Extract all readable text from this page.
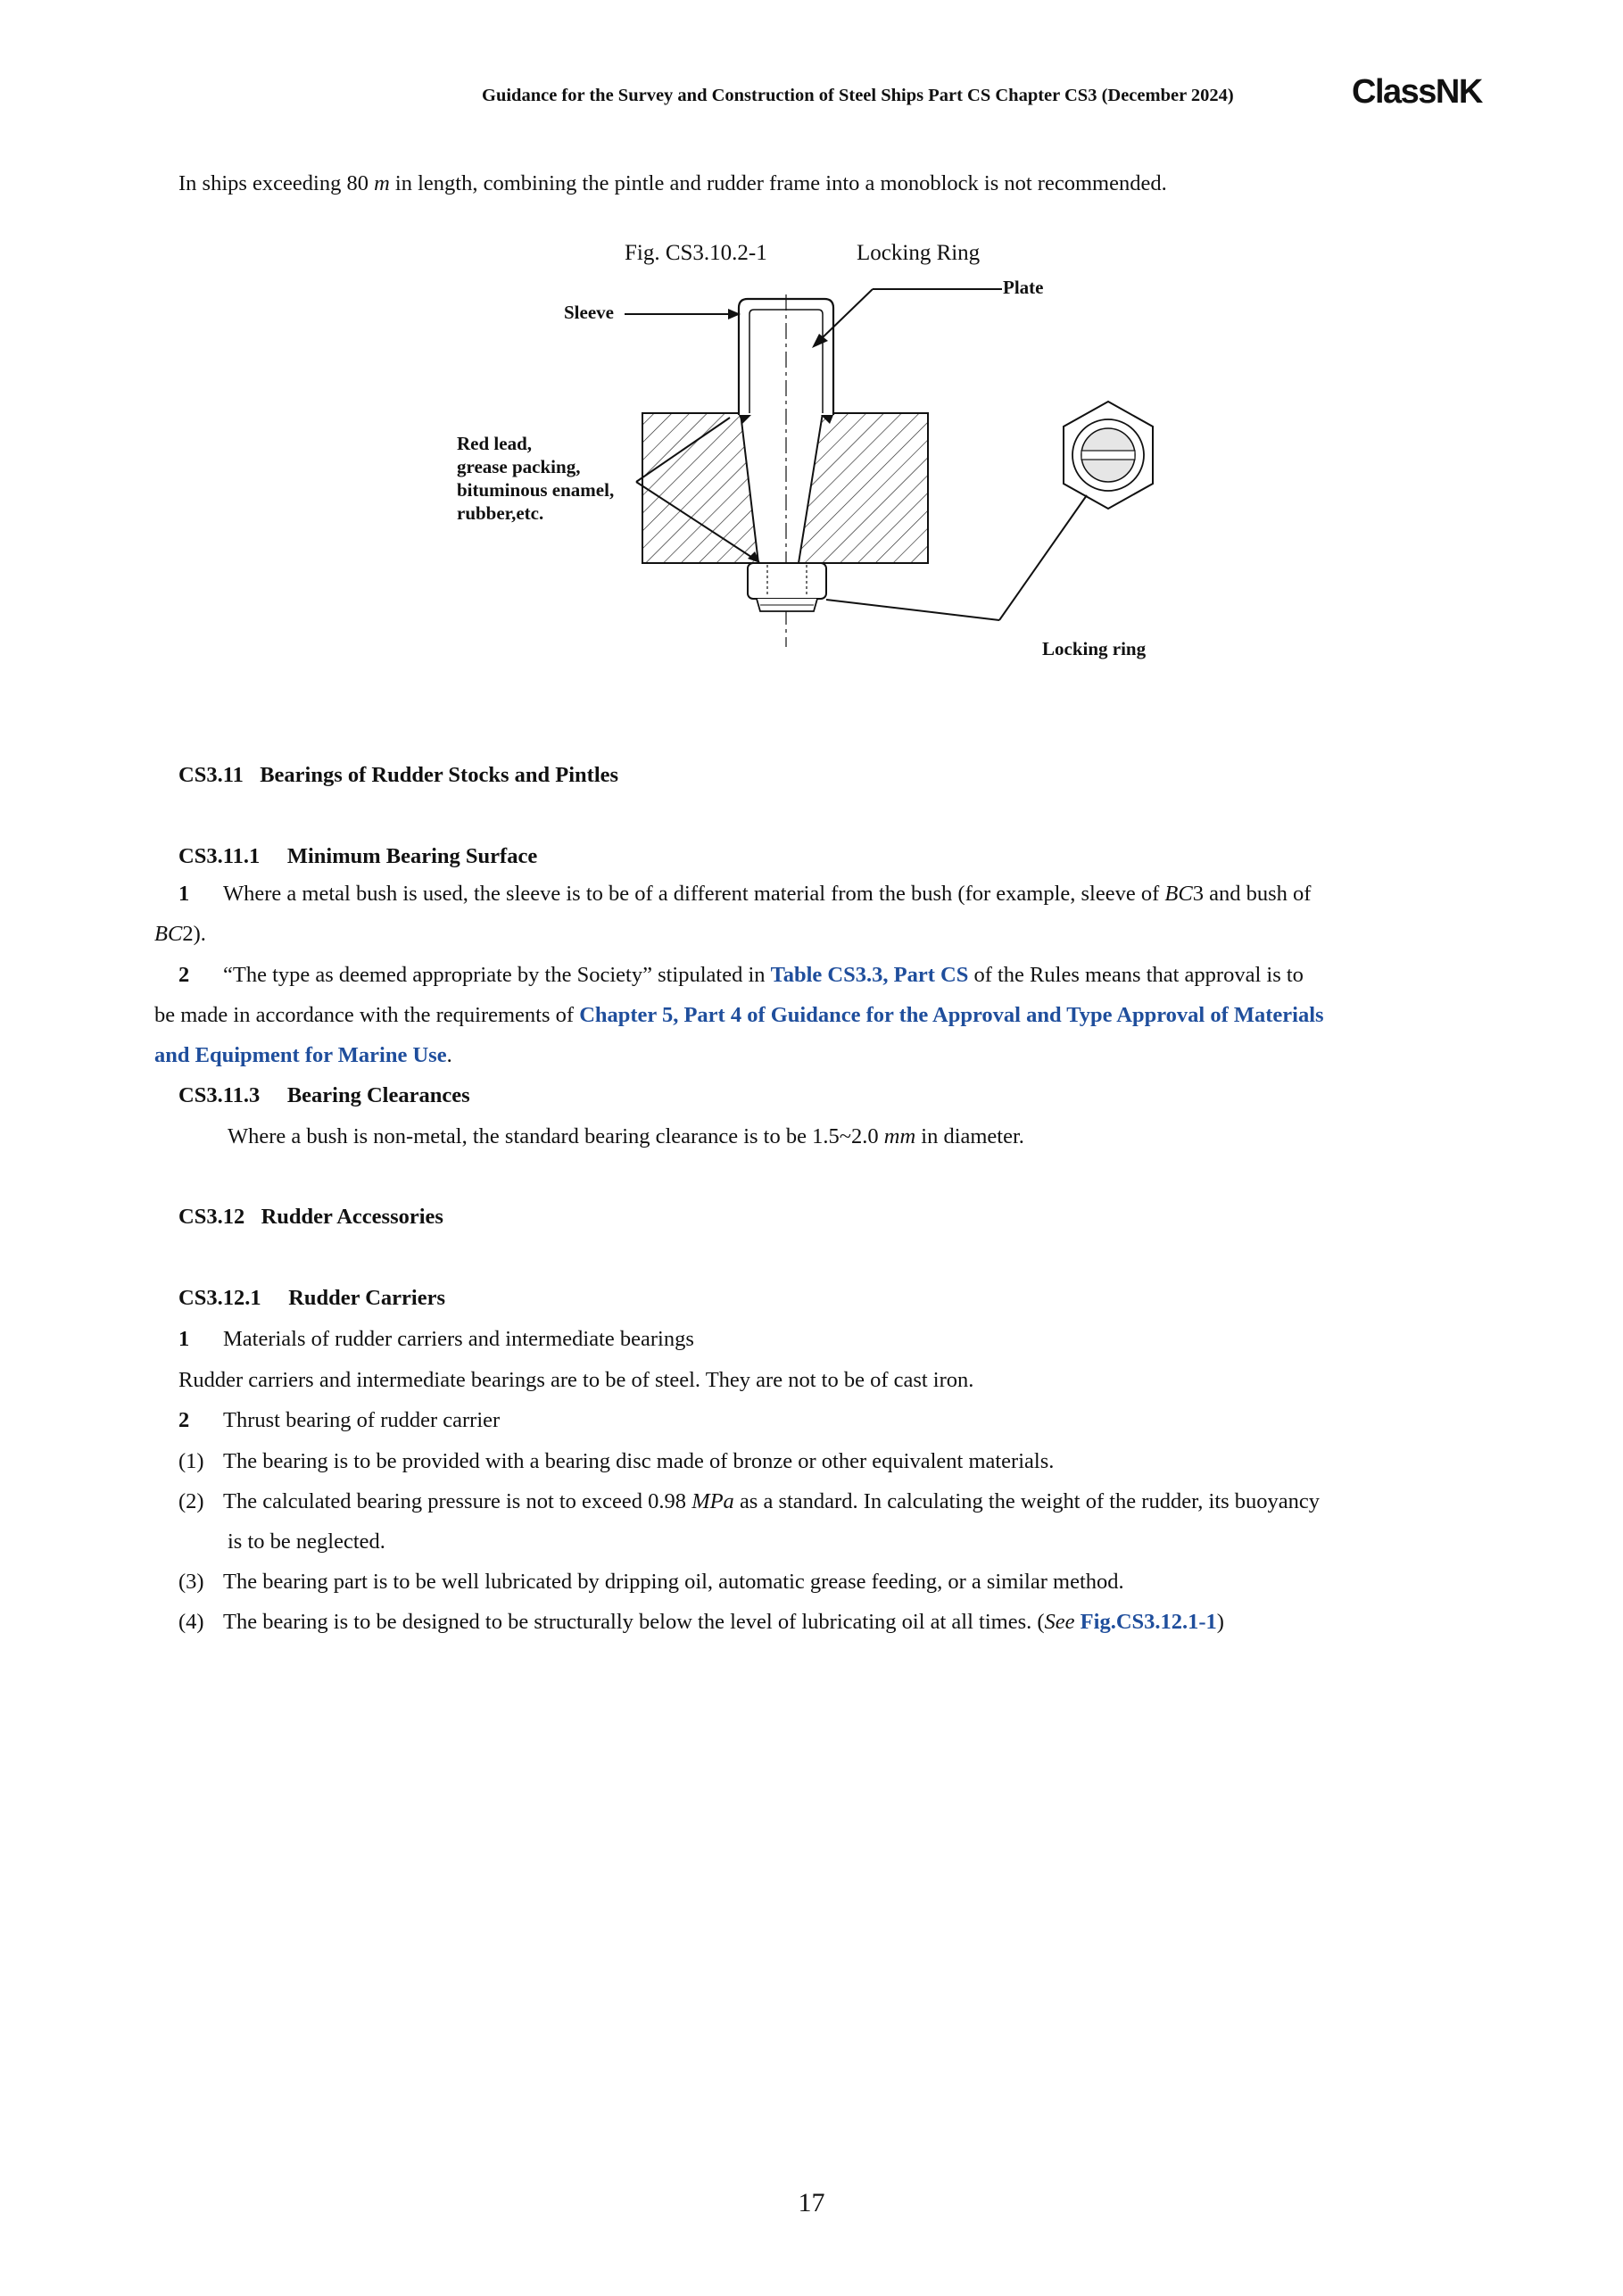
Guidance for the Survey and Construction of Steel Ships Part CS Chapter CS3 (December 2024)	ClassNK
In ships exceeding 80 m in length, combining the pintle and rudder frame into a monoblock is not recommended.
Fig. CS3.10.2-1	Locking Ring
Plate
Sleeve
Red lead,
grease packing,
bituminous enamel,
rubber,etc.
Locking ring
CS3.11 Bearings of Rudder Stocks and Pintles
CS3.11.1 Minimum Bearing Surface
1 Where a metal bush is used, the sleeve is to be of a different material from the bush (for example, sleeve of BC3 and bush of
BC2).
2 “The type as deemed appropriate by the Society” stipulated in Table CS3.3, Part CS of the Rules means that approval is to
be made in accordance with the requirements of Chapter 5, Part 4 of Guidance for the Approval and Type Approval of Materials
and Equipment for Marine Use.
CS3.11.3 Bearing Clearances
Where a bush is non-metal, the standard bearing clearance is to be 1.5~2.0 mm in diameter.
CS3.12 Rudder Accessories
CS3.12.1 Rudder Carriers
1 Materials of rudder carriers and intermediate bearings
Rudder carriers and intermediate bearings are to be of steel. They are not to be of cast iron.
2 Thrust bearing of rudder carrier
(1) The bearing is to be provided with a bearing disc made of bronze or other equivalent materials.
(2) The calculated bearing pressure is not to exceed 0.98 MPa as a standard. In calculating the weight of the rudder, its buoyancy
is to be neglected.
(3) The bearing part is to be well lubricated by dripping oil, automatic grease feeding, or a similar method.
(4) The bearing is to be designed to be structurally below the level of lubricating oil at all times. (See Fig.CS3.12.1-1)
17
